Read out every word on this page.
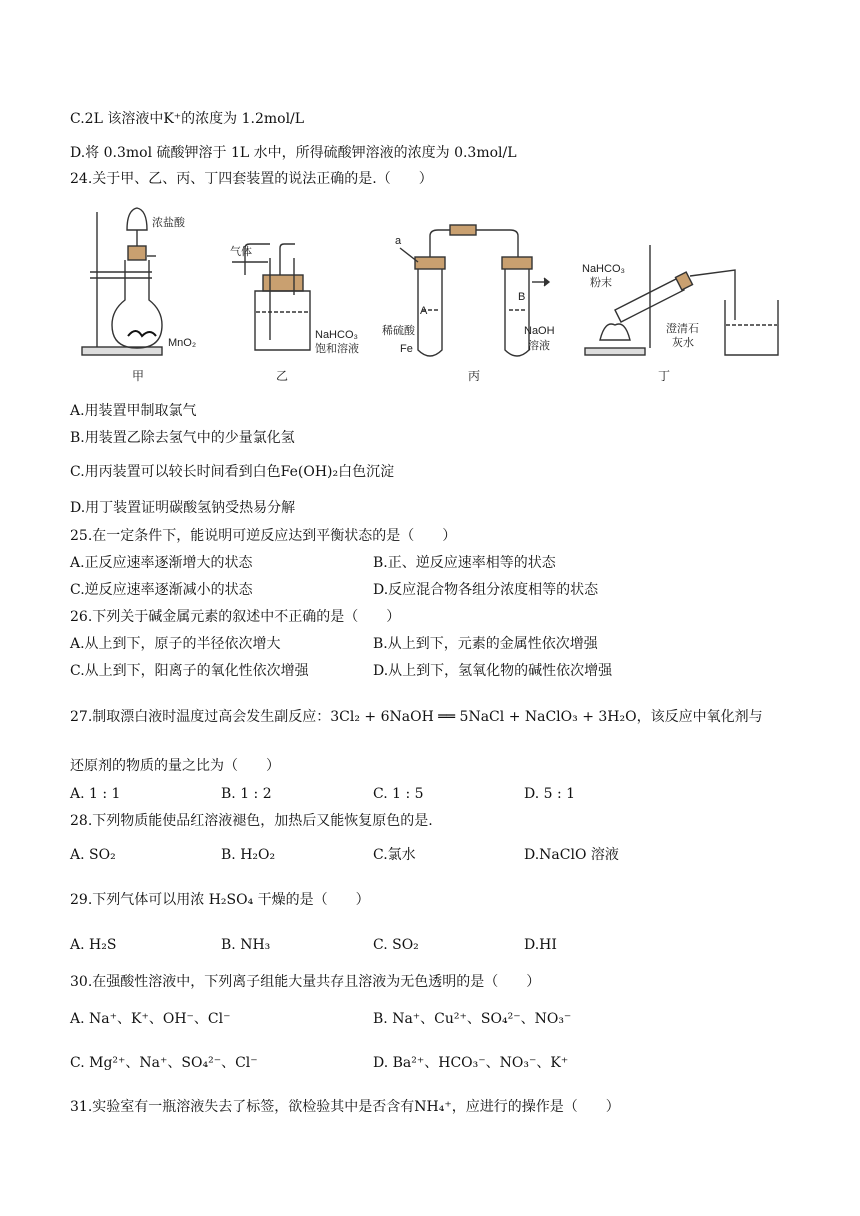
C.2L 该溶液中K⁺的浓度为 1.2mol/L
D.将 0.3mol 硫酸钾溶于 1L 水中，所得硫酸钾溶液的浓度为 0.3mol/L
24.关于甲、乙、丙、丁四套装置的说法正确的是.（　　）
浓盐酸
MnO₂
气体
NaHCO₃
饱和溶液
a
A
B
稀硫酸
Fe
NaOH
溶液
NaHCO₃
粉末
澄清石
灰水
甲	乙	丙	丁
A.用装置甲制取氯气
B.用装置乙除去氢气中的少量氯化氢
C.用丙装置可以较长时间看到白色Fe(OH)₂白色沉淀
D.用丁装置证明碳酸氢钠受热易分解
25.在一定条件下，能说明可逆反应达到平衡状态的是（　　）
A.正反应速率逐渐增大的状态	B.正、逆反应速率相等的状态
C.逆反应速率逐渐减小的状态	D.反应混合物各组分浓度相等的状态
26.下列关于碱金属元素的叙述中不正确的是（　　）
A.从上到下，原子的半径依次增大	B.从上到下，元素的金属性依次增强
C.从上到下，阳离子的氧化性依次增强	D.从上到下，氢氧化物的碱性依次增强
27.制取漂白液时温度过高会发生副反应：3Cl₂ + 6NaOH ══ 5NaCl + NaClO₃ + 3H₂O，该反应中氧化剂与
还原剂的物质的量之比为（　　）
A. 1 : 1	B. 1 : 2	C. 1 : 5	D. 5 : 1
28.下列物质能使品红溶液褪色，加热后又能恢复原色的是.
A. SO₂	B. H₂O₂	C.氯水	D.NaClO 溶液
29.下列气体可以用浓 H₂SO₄ 干燥的是（　　）
A. H₂S	B. NH₃	C. SO₂	D.HI
30.在强酸性溶液中，下列离子组能大量共存且溶液为无色透明的是（　　）
A. Na⁺、K⁺、OH⁻、Cl⁻	B. Na⁺、Cu²⁺、SO₄²⁻、NO₃⁻
C. Mg²⁺、Na⁺、SO₄²⁻、Cl⁻	D. Ba²⁺、HCO₃⁻、NO₃⁻、K⁺
31.实验室有一瓶溶液失去了标签，欲检验其中是否含有NH₄⁺，应进行的操作是（　　）
